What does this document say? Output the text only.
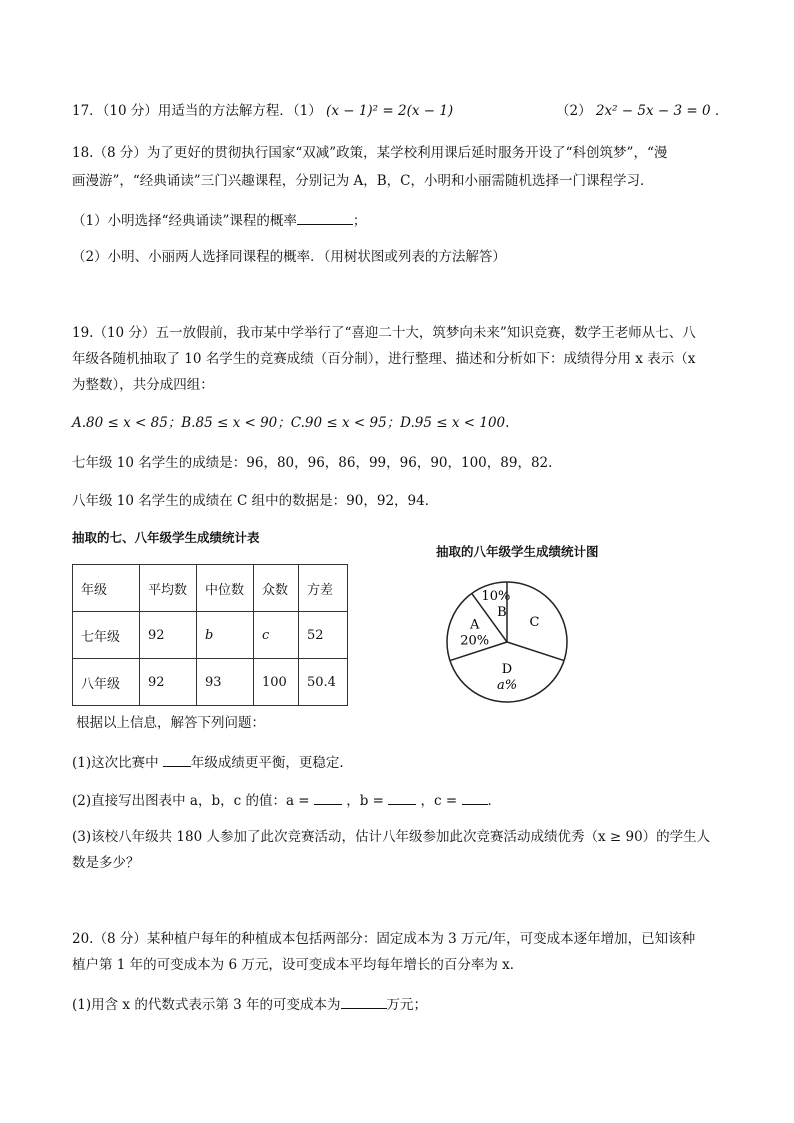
17．（10 分）用适当的方法解方程．（1） (x − 1)² = 2(x − 1)	（2） 2x² − 5x − 3 = 0 ．
18.（8 分）为了更好的贯彻执行国家“双减”政策，某学校利用课后延时服务开设了“科创筑梦”，“漫
画漫游”，“经典诵读”三门兴趣课程，分别记为 A，B，C，小明和小丽需随机选择一门课程学习．
（1）小明选择“经典诵读”课程的概率	；
（2）小明、小丽两人选择同课程的概率．（用树状图或列表的方法解答）
19.（10 分）五一放假前，我市某中学举行了“喜迎二十大，筑梦向未来”知识竞赛，数学王老师从七、八
年级各随机抽取了 10 名学生的竞赛成绩（百分制），进行整理、描述和分析如下：成绩得分用 x 表示（x
为整数），共分成四组：
A.80 ≤ x < 85；B.85 ≤ x < 90；C.90 ≤ x < 95；D.95 ≤ x < 100.
七年级 10 名学生的成绩是：96，80，96，86，99，96，90，100，89，82.
八年级 10 名学生的成绩在 C 组中的数据是：90，92，94．
抽取的七、八年级学生成绩统计表
年级	平均数	中位数	众数	方差
七年级	92	b	c	52
八年级	92	93	100	50.4
抽取的八年级学生成绩统计图
A
20%
10%
B
C
D
a%
根据以上信息，解答下列问题：
(1)这次比赛中 年级成绩更平衡，更稳定．
(2)直接写出图表中 a，b，c 的值：a =	，b =	，c = ．
(3)该校八年级共 180 人参加了此次竞赛活动，估计八年级参加此次竞赛活动成绩优秀（x ≥ 90）的学生人
数是多少？
20.（8 分）某种植户每年的种植成本包括两部分：固定成本为 3 万元/年，可变成本逐年增加，已知该种
植户第 1 年的可变成本为 6 万元，设可变成本平均每年增长的百分率为 x．
(1)用含 x 的代数式表示第 3 年的可变成本为	万元；
